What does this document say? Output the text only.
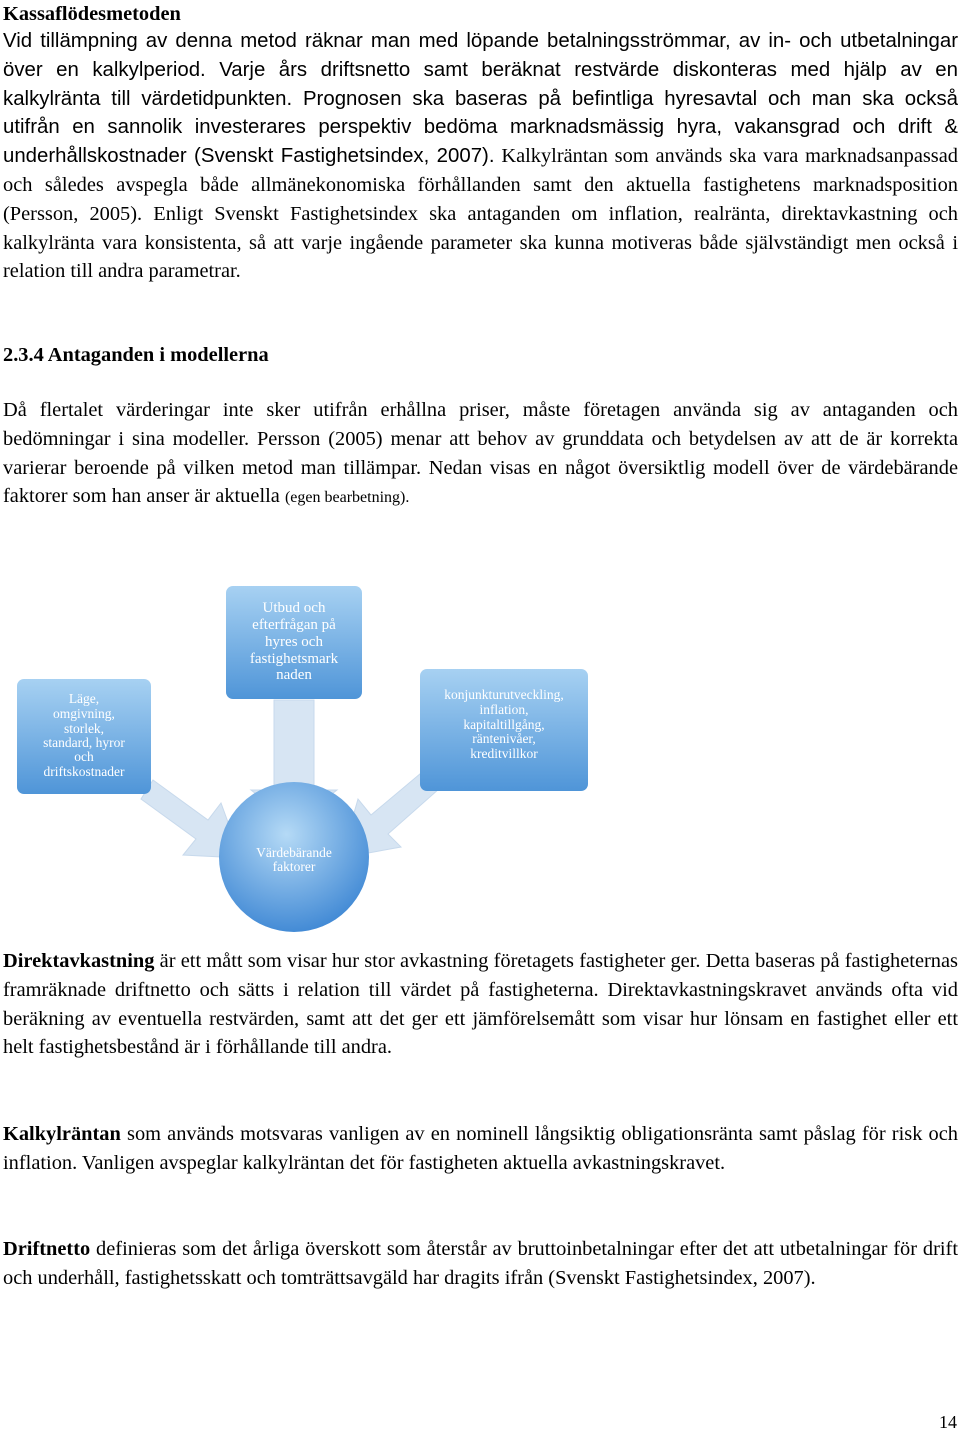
Kassaflödesmetoden

Vid tillämpning av denna metod räknar man med löpande betalningsströmmar, av in- och utbetalningar över en kalkylperiod. Varje års driftsnetto samt beräknat restvärde diskonteras med hjälp av en kalkylränta till värdetidpunkten. Prognosen ska baseras på befintliga hyresavtal och man ska också utifrån en sannolik investerares perspektiv bedöma marknadsmässig hyra, vakansgrad och drift & underhållskostnader (Svenskt Fastighetsindex, 2007). Kalkylräntan som används ska vara marknadsanpassad och således avspegla både allmänekonomiska förhållanden samt den aktuella fastighetens marknadsposition (Persson, 2005). Enligt Svenskt Fastighetsindex ska antaganden om inflation, realränta, direktavkastning och kalkylränta vara konsistenta, så att varje ingående parameter ska kunna motiveras både självständigt men också i relation till andra parametrar.

2.3.4 Antaganden i modellerna

Då flertalet värderingar inte sker utifrån erhållna priser, måste företagen använda sig av antaganden och bedömningar i sina modeller. Persson (2005) menar att behov av grunddata och betydelsen av att de är korrekta varierar beroende på vilken metod man tillämpar. Nedan visas en något översiktlig modell över de värdebärande faktorer som han anser är aktuella (egen bearbetning).

Utbud och
efterfrågan på
hyres och
fastighetsmark
naden
Läge,
omgivning,
storlek,
standard, hyror
och
driftskostnader
konjunkturutveckling,
inflation,
kapitaltillgång,
räntenivåer,
kreditvillkor
Värdebärande
faktorer

Direktavkastning är ett mått som visar hur stor avkastning företagets fastigheter ger. Detta baseras på fastigheternas framräknade driftnetto och sätts i relation till värdet på fastigheterna. Direktavkastningskravet används ofta vid beräkning av eventuella restvärden, samt att det ger ett jämförelsemått som visar hur lönsam en fastighet eller ett helt fastighetsbestånd är i förhållande till andra.

Kalkylräntan som används motsvaras vanligen av en nominell långsiktig obligationsränta samt påslag för risk och inflation. Vanligen avspeglar kalkylräntan det för fastigheten aktuella avkastningskravet.

Driftnetto definieras som det årliga överskott som återstår av bruttoinbetalningar efter det att utbetalningar för drift och underhåll, fastighetsskatt och tomträttsavgäld har dragits ifrån (Svenskt Fastighetsindex, 2007).

14
